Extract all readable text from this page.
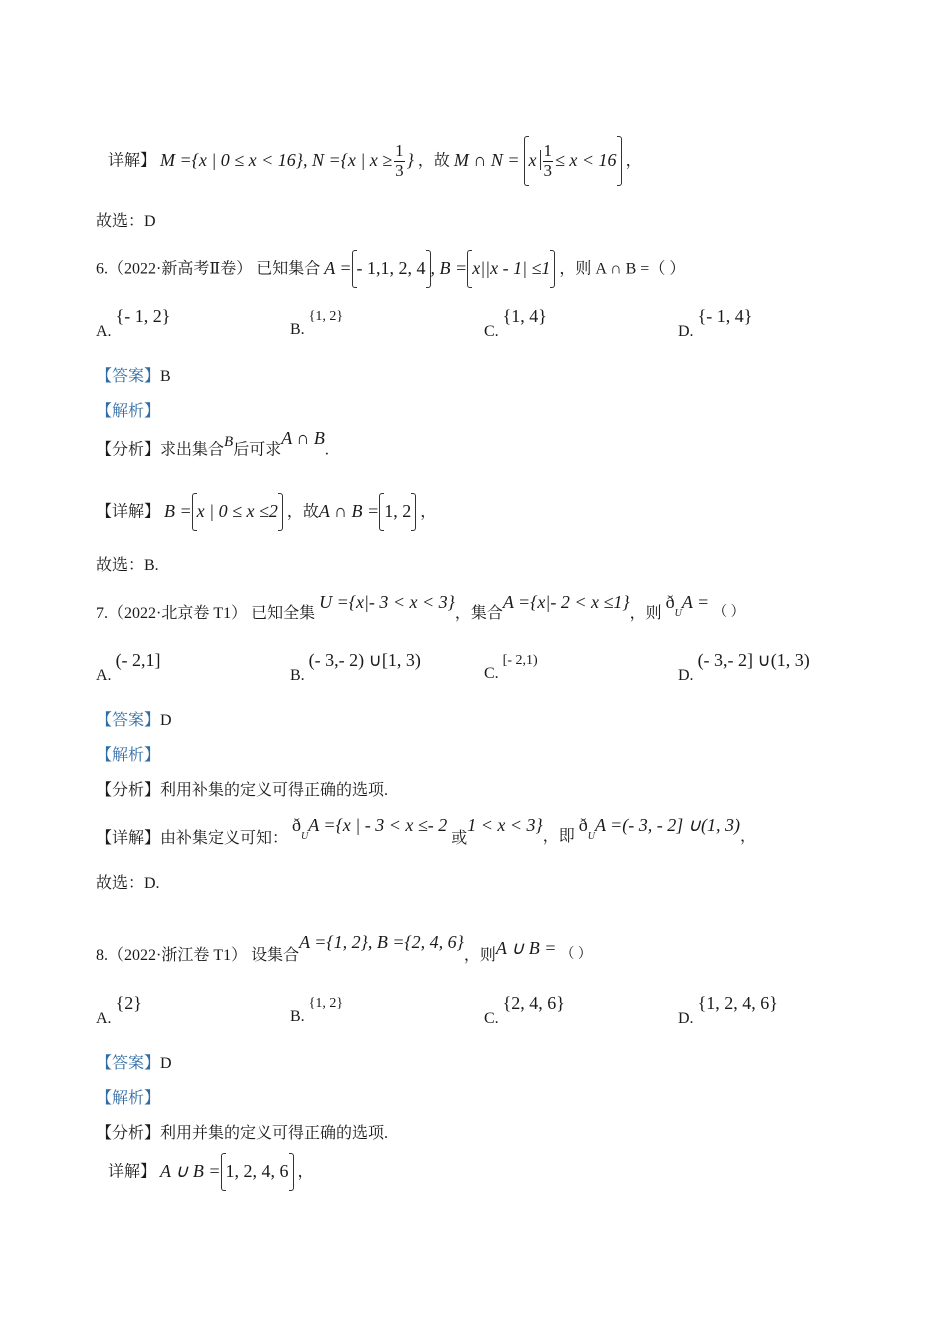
详解】 M ={x | 0 ≤ x < 16}, N ={x | $x \ge \frac{1}{3}$ } ，故 M ∩ N = x $\frac{1}{3} \le x < 16$ ，
故选：D
6.（2022·新高考Ⅱ卷） 已知集合 A = - 1,1, 2, 4 , B = x||x - 1| ≤1 ，则 A ∩ B =（ ）
A. {- 1, 2}
B. {1, 2}
C. {1, 4}
D. {- 1, 4}
【答案】B
【解析】
【分析】求出集合B后可求A ∩ B.
【详解】 B = x | 0 ≤ x ≤2 ，故A ∩ B = 1, 2 ，
故选：B.
7.（2022·北京卷 T1） 已知全集 U ={x|- 3 < x < 3}，集合A ={x|- 2 < x ≤1}，则 $ð_UA$ = （ ）
A. (- 2,1]
B. (- 3,- 2) ∪[1, 3)
C. [- 2,1)
D. (- 3,- 2] ∪(1, 3)
【答案】D
【解析】
【分析】利用补集的定义可得正确的选项.
【详解】由补集定义可知： $ð_UA =\{x$ | - 3 < x ≤- 2 或1 < x < 3}，即 $ð_UA$ =(- 3, - 2] ∪(1, 3)，
故选：D.
8.（2022·浙江卷 T1） 设集合A ={1, 2}, B ={2, 4, 6}，则A ∪ B = （ ）
A. {2}
B. {1, 2}
C. {2, 4, 6}
D. {1, 2, 4, 6}
【答案】D
【解析】
【分析】利用并集的定义可得正确的选项.
详解】 A ∪ B = 1, 2, 4, 6 ，
